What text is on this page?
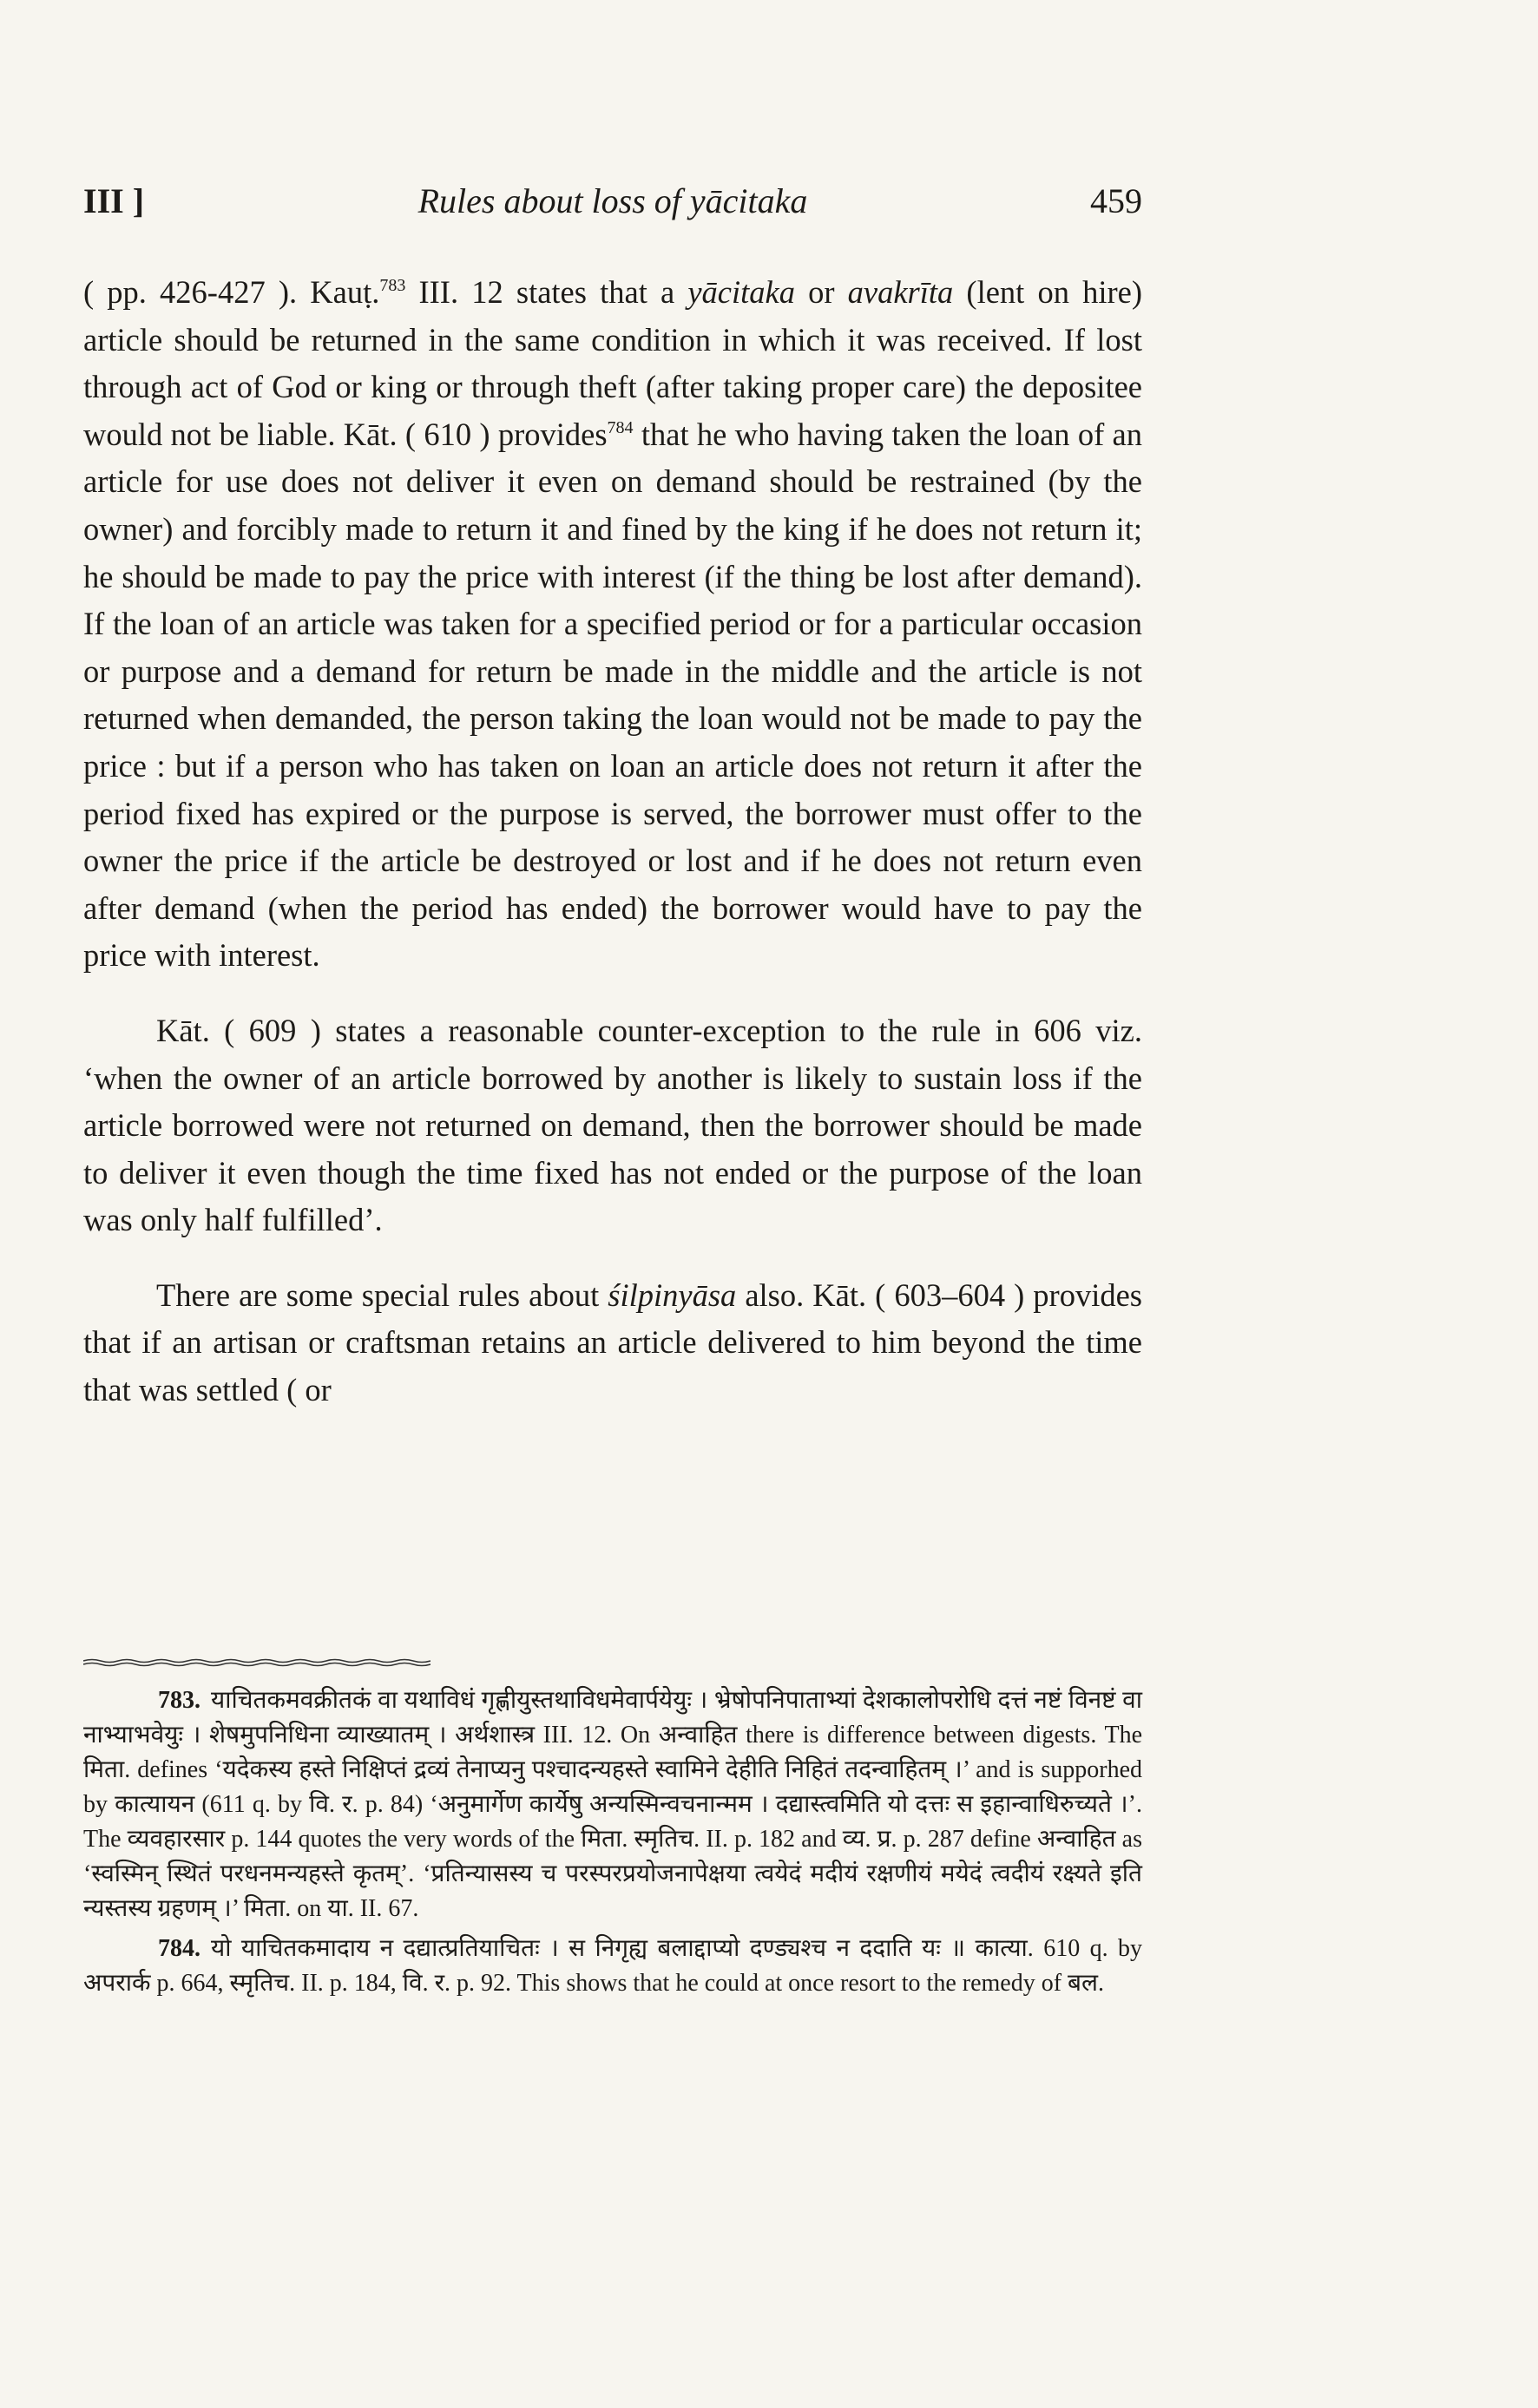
III ]	Rules about loss of yācitaka	459

( pp. 426-427 ). Kauṭ.$^{783}$ III. 12 states that a yācitaka or avakrīta (lent on hire) article should be returned in the same condition in which it was received. If lost through act of God or king or through theft (after taking proper care) the depositee would not be liable. Kāt. ( 610 ) provides$^{784}$ that he who having taken the loan of an article for use does not deliver it even on demand should be restrained (by the owner) and forcibly made to return it and fined by the king if he does not return it; he should be made to pay the price with interest (if the thing be lost after demand). If the loan of an article was taken for a specified period or for a particular occasion or purpose and a demand for return be made in the middle and the article is not returned when demanded, the person taking the loan would not be made to pay the price : but if a person who has taken on loan an article does not return it after the period fixed has expired or the purpose is served, the borrower must offer to the owner the price if the article be destroyed or lost and if he does not return even after demand (when the period has ended) the borrower would have to pay the price with interest.

Kāt. ( 609 ) states a reasonable counter-exception to the rule in 606 viz. ‘when the owner of an article borrowed by another is likely to sustain loss if the article borrowed were not returned on demand, then the borrower should be made to deliver it even though the time fixed has not ended or the purpose of the loan was only half fulfilled’.

There are some special rules about śilpinyāsa also. Kāt. ( 603–604 ) provides that if an artisan or craftsman retains an article delivered to him beyond the time that was settled ( or

783. याचितकमवक्रीतकं वा यथाविधं गृह्णीयुस्तथाविधमेवार्पयेयुः । भ्रेषोपनिपाताभ्यां देशकालोपरोधि दत्तं नष्टं विनष्टं वा नाभ्याभवेयुः । शेषमुपनिधिना व्याख्यातम् । अर्थशास्त्र III. 12. On अन्वाहित there is difference between digests. The मिता. defines ‘यदेकस्य हस्ते निक्षिप्तं द्रव्यं तेनाप्यनु पश्चादन्यहस्ते स्वामिने देहीति निहितं तदन्वाहितम् ।’ and is supporhed by कात्यायन (611 q. by वि. र. p. 84) ‘अनुमार्गेण कार्येषु अन्यस्मिन्वचनान्मम । दद्यास्त्वमिति यो दत्तः स इहान्वाधिरुच्यते ।’. The व्यवहारसार p. 144 quotes the very words of the मिता. स्मृतिच. II. p. 182 and व्य. प्र. p. 287 define अन्वाहित as ‘स्वस्मिन् स्थितं परधनमन्यहस्ते कृतम्’. ‘प्रतिन्यासस्य च परस्परप्रयोजनापेक्षया त्वयेदं मदीयं रक्षणीयं मयेदं त्वदीयं रक्ष्यते इति न्यस्तस्य ग्रहणम् ।’ मिता. on या. II. 67.

784. यो याचितकमादाय न दद्यात्प्रतियाचितः । स निगृह्य बलाद्दाप्यो दण्ड्यश्च न ददाति यः ॥ कात्या. 610 q. by अपरार्क p. 664, स्मृतिच. II. p. 184, वि. र. p. 92. This shows that he could at once resort to the remedy of बल.
